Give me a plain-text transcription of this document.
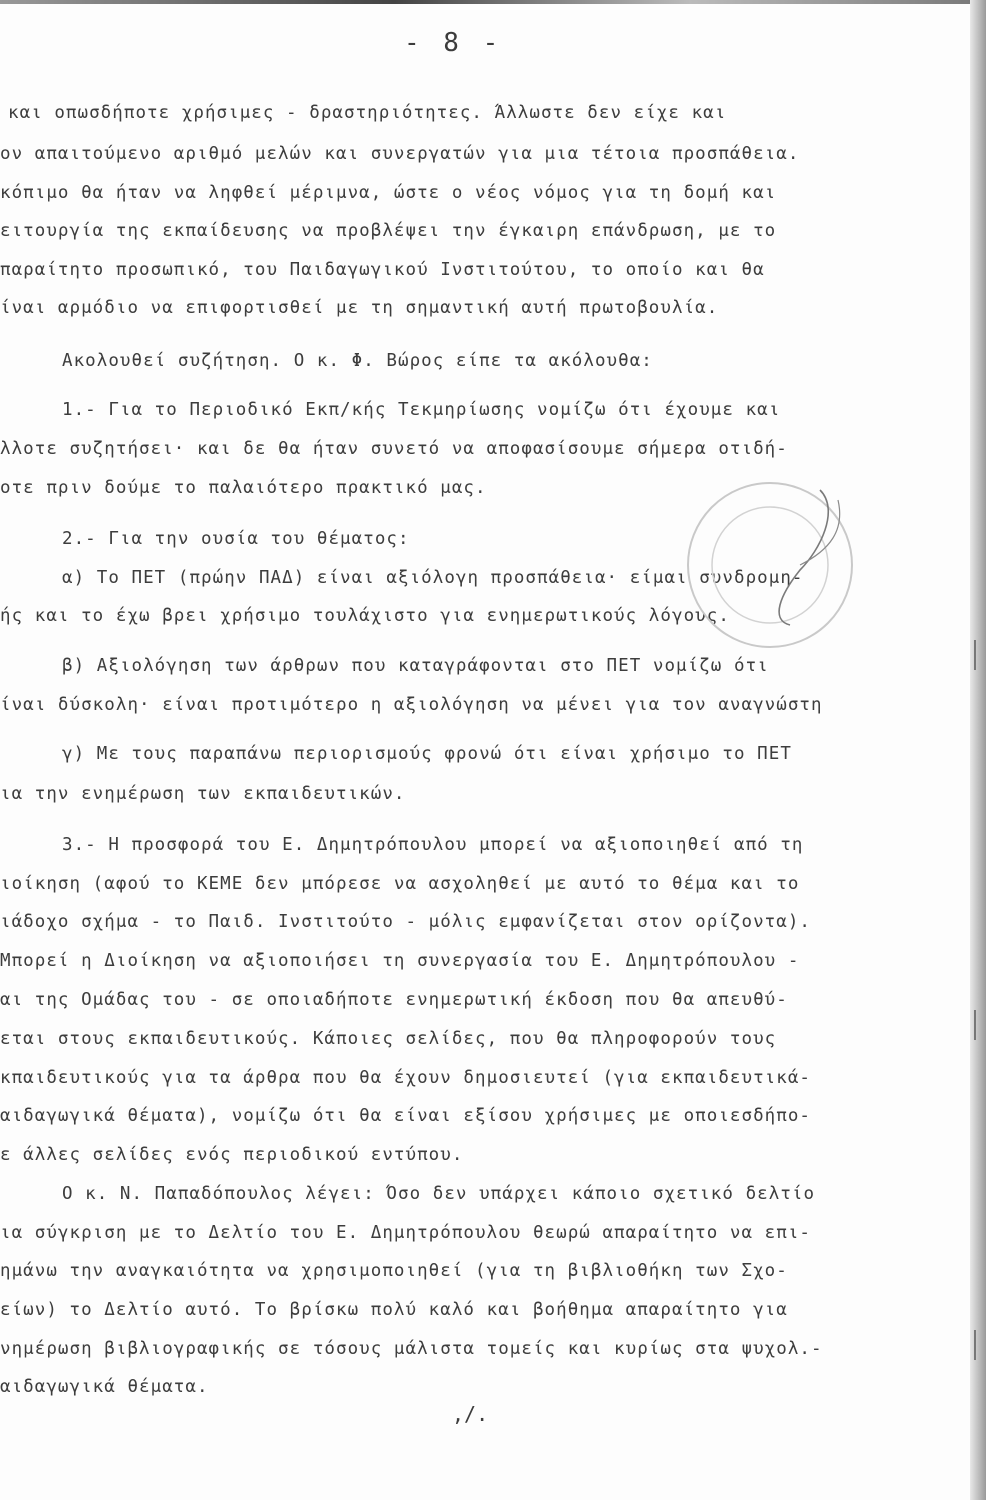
- 8 -
και οπωσδήποτε χρήσιμες - δραστηριότητες. Άλλωστε δεν είχε και
ον απαιτούμενο αριθμό μελών και συνεργατών για μια τέτοια προσπάθεια.
κόπιμο θα ήταν να ληφθεί μέριμνα, ώστε ο νέος νόμος για τη δομή και
ειτουργία της εκπαίδευσης να προβλέψει την έγκαιρη επάνδρωση, με το
παραίτητο προσωπικό, του Παιδαγωγικού Ινστιτούτου, το οποίο και θα
ίναι αρμόδιο να επιφορτισθεί με τη σημαντική αυτή πρωτοβουλία.
Ακολουθεί συζήτηση. Ο κ. Φ. Βώρος είπε τα ακόλουθα:
1.- Για το Περιοδικό Εκπ/κής Τεκμηρίωσης νομίζω ότι έχουμε και
λλοτε συζητήσει· και δε θα ήταν συνετό να αποφασίσουμε σήμερα οτιδή-
οτε πριν δούμε το παλαιότερο πρακτικό μας.
2.- Για την ουσία του θέματος:
α) Το ΠΕΤ (πρώην ΠΑΔ) είναι αξιόλογη προσπάθεια· είμαι συνδρομη-
ής και το έχω βρει χρήσιμο τουλάχιστο για ενημερωτικούς λόγους.
β) Αξιολόγηση των άρθρων που καταγράφονται στο ΠΕΤ νομίζω ότι
ίναι δύσκολη· είναι προτιμότερο η αξιολόγηση να μένει για τον αναγνώστη
γ) Με τους παραπάνω περιορισμούς φρονώ ότι είναι χρήσιμο το ΠΕΤ
ια την ενημέρωση των εκπαιδευτικών.
3.- Η προσφορά του Ε. Δημητρόπουλου μπορεί να αξιοποιηθεί από τη
ιοίκηση (αφού το ΚΕΜΕ δεν μπόρεσε να ασχοληθεί με αυτό το θέμα και το
ιάδοχο σχήμα - το Παιδ. Ινστιτούτο - μόλις εμφανίζεται στον ορίζοντα).
Μπορεί η Διοίκηση να αξιοποιήσει τη συνεργασία του Ε. Δημητρόπουλου -
αι της Ομάδας του - σε οποιαδήποτε ενημερωτική έκδοση που θα απευθύ-
εται στους εκπαιδευτικούς. Κάποιες σελίδες, που θα πληροφορούν τους
κπαιδευτικούς για τα άρθρα που θα έχουν δημοσιευτεί (για εκπαιδευτικά-
αιδαγωγικά θέματα), νομίζω ότι θα είναι εξίσου χρήσιμες με οποιεσδήπο-
ε άλλες σελίδες ενός περιοδικού εντύπου.
Ο κ. Ν. Παπαδόπουλος λέγει: Όσο δεν υπάρχει κάποιο σχετικό δελτίο
ια σύγκριση με το Δελτίο του Ε. Δημητρόπουλου θεωρώ απαραίτητο να επι-
ημάνω την αναγκαιότητα να χρησιμοποιηθεί (για τη βιβλιοθήκη των Σχο-
είων) το Δελτίο αυτό. Το βρίσκω πολύ καλό και βοήθημα απαραίτητο για
νημέρωση βιβλιογραφικής σε τόσους μάλιστα τομείς και κυρίως στα ψυχολ.-
αιδαγωγικά θέματα.
,/.
